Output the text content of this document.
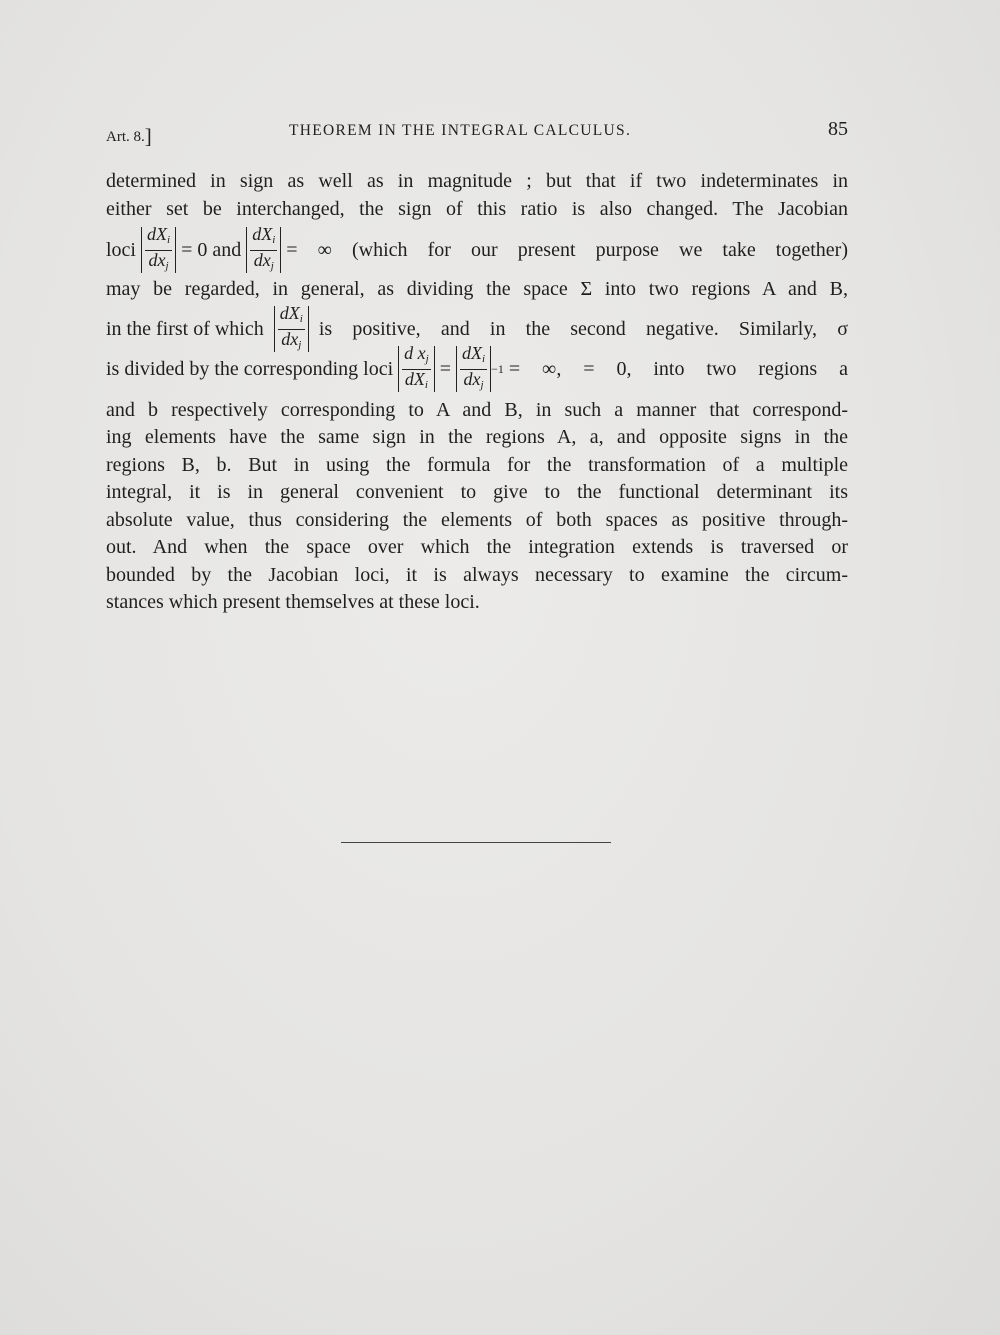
Art. 8.]	THEOREM IN THE INTEGRAL CALCULUS.	85
determined in sign as well as in magnitude ; but that if two indeterminates in
either set be interchanged, the sign of this ratio is also changed. The Jacobian
loci

$dX_i$
$dx_j$

= 0 and

$dX_i$
$dx_j$

= ∞ (which for our present purpose we take together)
may be regarded, in general, as dividing the space Σ into two regions A and B,
in the first of which

$dX_i$
$dx_j$

is positive, and in the second negative. Similarly, σ
is divided by the corresponding loci

d $x_j$
$dX_i$

=

$dX_i$
$dx_j$
−1
= ∞, = 0, into two regions a
and b respectively corresponding to A and B, in such a manner that correspond-
ing elements have the same sign in the regions A, a, and opposite signs in the
regions B, b. But in using the formula for the transformation of a multiple
integral, it is in general convenient to give to the functional determinant its
absolute value, thus considering the elements of both spaces as positive through-
out. And when the space over which the integration extends is traversed or
bounded by the Jacobian loci, it is always necessary to examine the circum-
stances which present themselves at these loci.
